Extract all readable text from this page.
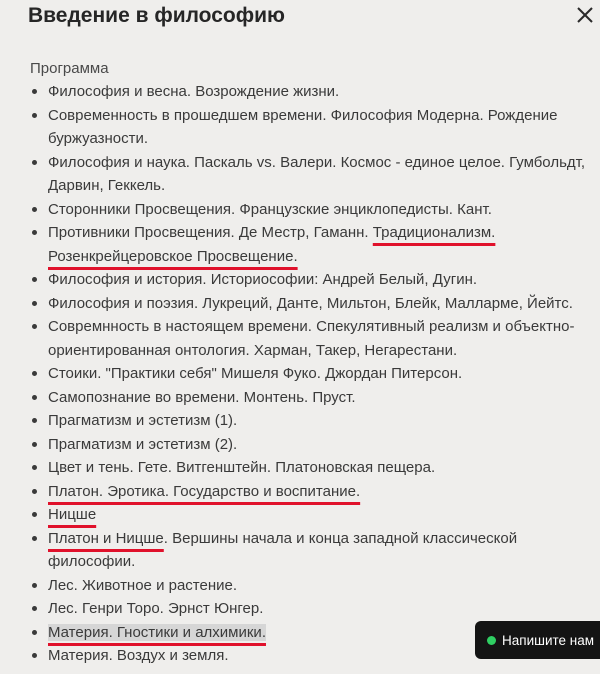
Введение в философию
Программа
Философия и весна. Возрождение жизни.
Современность в прошедшем времени. Философия Модерна. Рождение буржуазности.
Философия и наука. Паскаль vs. Валери. Космос - единое целое. Гумбольдт, Дарвин, Геккель.
Сторонники Просвещения. Французские энциклопедисты. Кант.
Противники Просвещения. Де Местр, Гаманн. Традиционализм. Розенкрейцеровское Просвещение.
Философия и история. Историософии: Андрей Белый, Дугин.
Философия и поэзия. Лукреций, Данте, Мильтон, Блейк, Малларме, Йейтс.
Совремнность в настоящем времени. Спекулятивный реализм и объектно-ориентированная онтология. Харман, Такер, Негарестани.
Стоики. "Практики себя" Мишеля Фуко. Джордан Питерсон.
Самопознание во времени. Монтень. Пруст.
Прагматизм и эстетизм (1).
Прагматизм и эстетизм (2).
Цвет и тень. Гете. Витгенштейн. Платоновская пещера.
Платон. Эротика. Государство и воспитание.
Ницше
Платон и Ницше. Вершины начала и конца западной классической философии.
Лес. Животное и растение.
Лес. Генри Торо. Эрнст Юнгер.
Материя. Гностики и алхимики.
Материя. Воздух и земля.
Напишите нам
